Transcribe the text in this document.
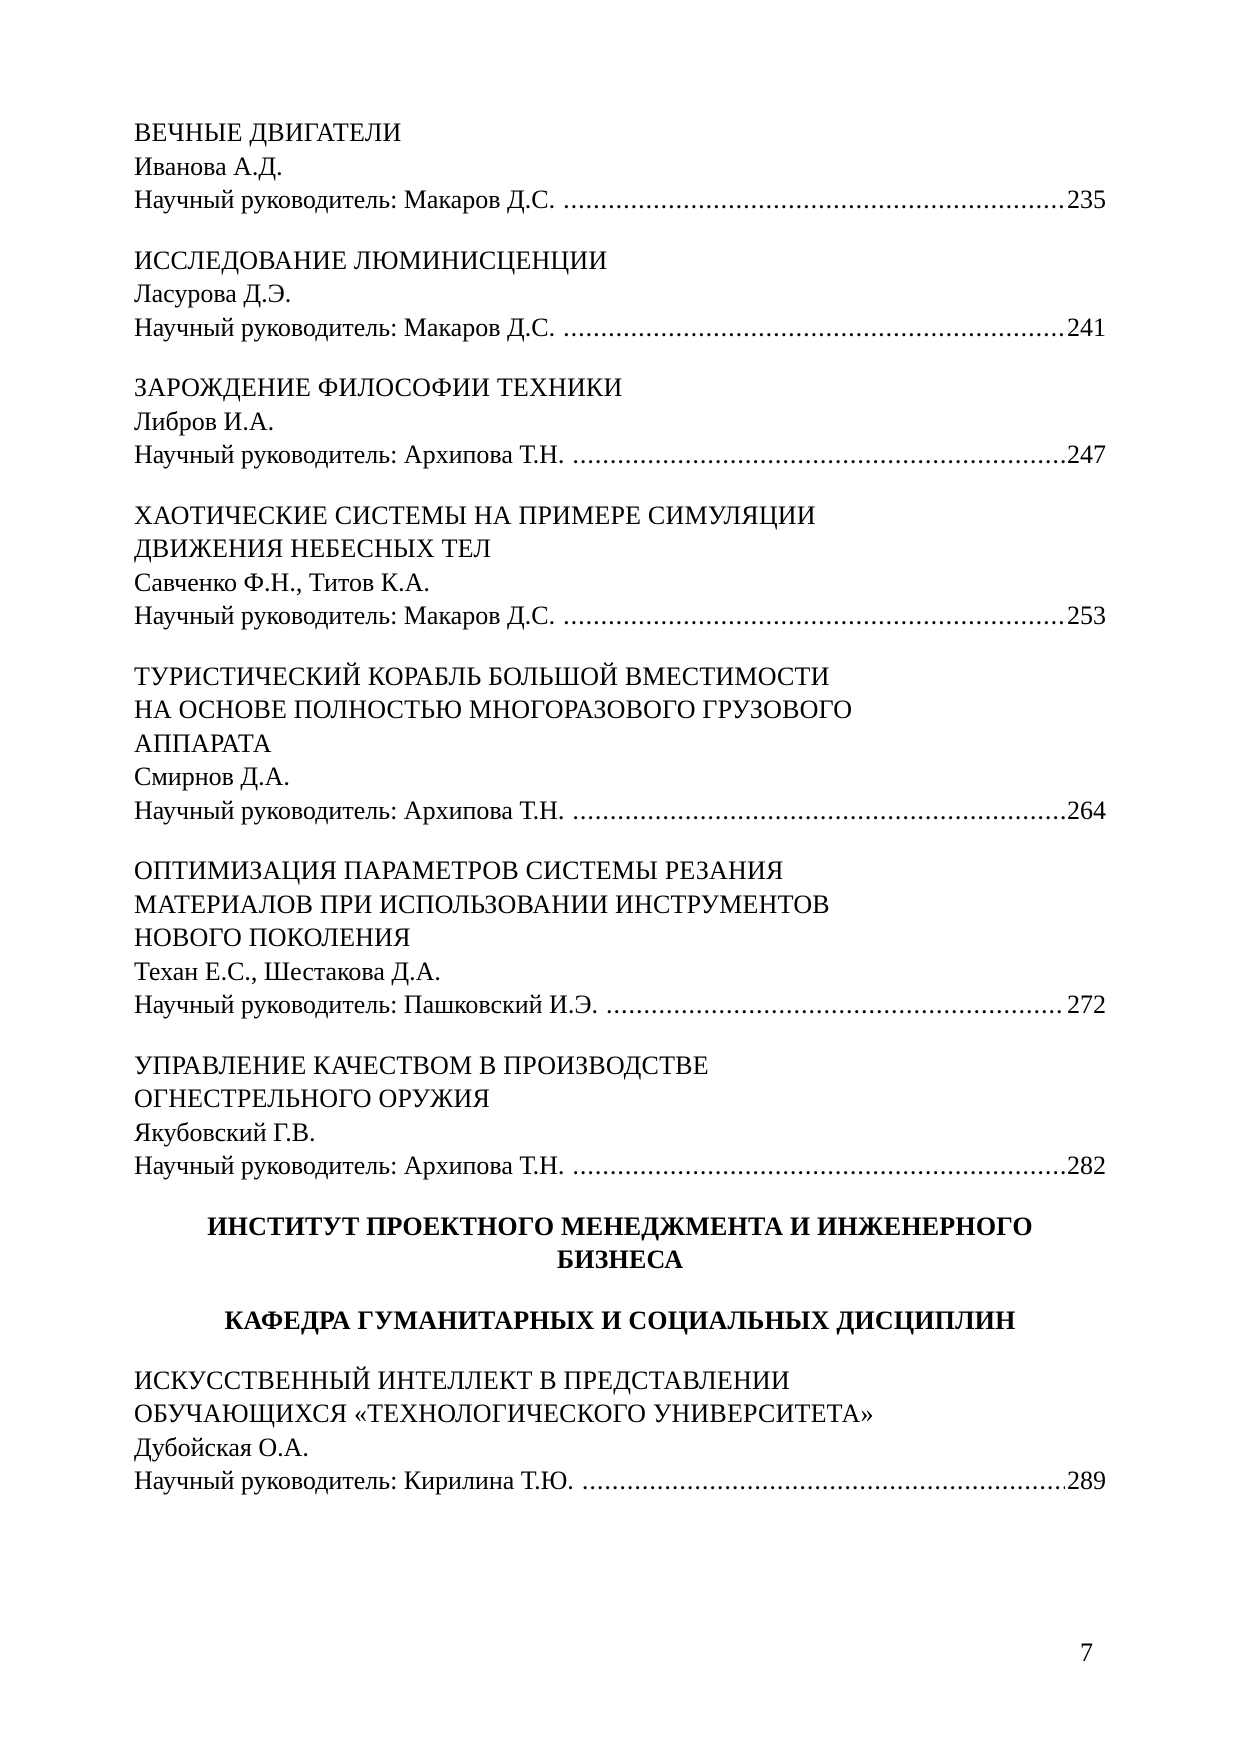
ВЕЧНЫЕ ДВИГАТЕЛИ
Иванова А.Д.
Научный руководитель: Макаров Д.С. .....	235
ИССЛЕДОВАНИЕ ЛЮМИНИСЦЕНЦИИ
Ласурова Д.Э.
Научный руководитель: Макаров Д.С. .....	241
ЗАРОЖДЕНИЕ ФИЛОСОФИИ ТЕХНИКИ
Либров И.А.
Научный руководитель: Архипова Т.Н. .....	247
ХАОТИЧЕСКИЕ СИСТЕМЫ НА ПРИМЕРЕ СИМУЛЯЦИИ
ДВИЖЕНИЯ НЕБЕСНЫХ ТЕЛ
Савченко Ф.Н., Титов К.А.
Научный руководитель: Макаров Д.С. .....	253
ТУРИСТИЧЕСКИЙ КОРАБЛЬ БОЛЬШОЙ ВМЕСТИМОСТИ
НА ОСНОВЕ ПОЛНОСТЬЮ МНОГОРАЗОВОГО ГРУЗОВОГО
АППАРАТА
Смирнов Д.А.
Научный руководитель: Архипова Т.Н. .....	264
ОПТИМИЗАЦИЯ ПАРАМЕТРОВ СИСТЕМЫ РЕЗАНИЯ
МАТЕРИАЛОВ ПРИ ИСПОЛЬЗОВАНИИ ИНСТРУМЕНТОВ
НОВОГО ПОКОЛЕНИЯ
Техан Е.С., Шестакова Д.А.
Научный руководитель: Пашковский И.Э. .....	272
УПРАВЛЕНИЕ КАЧЕСТВОМ В ПРОИЗВОДСТВЕ
ОГНЕСТРЕЛЬНОГО ОРУЖИЯ
Якубовский Г.В.
Научный руководитель: Архипова Т.Н. .....	282
ИНСТИТУТ ПРОЕКТНОГО МЕНЕДЖМЕНТА И ИНЖЕНЕРНОГО
БИЗНЕСА
КАФЕДРА ГУМАНИТАРНЫХ И СОЦИАЛЬНЫХ ДИСЦИПЛИН
ИСКУССТВЕННЫЙ ИНТЕЛЛЕКТ В ПРЕДСТАВЛЕНИИ
ОБУЧАЮЩИХСЯ «ТЕХНОЛОГИЧЕСКОГО УНИВЕРСИТЕТА»
Дубойская О.А.
Научный руководитель: Кирилина Т.Ю. .....	289
7
